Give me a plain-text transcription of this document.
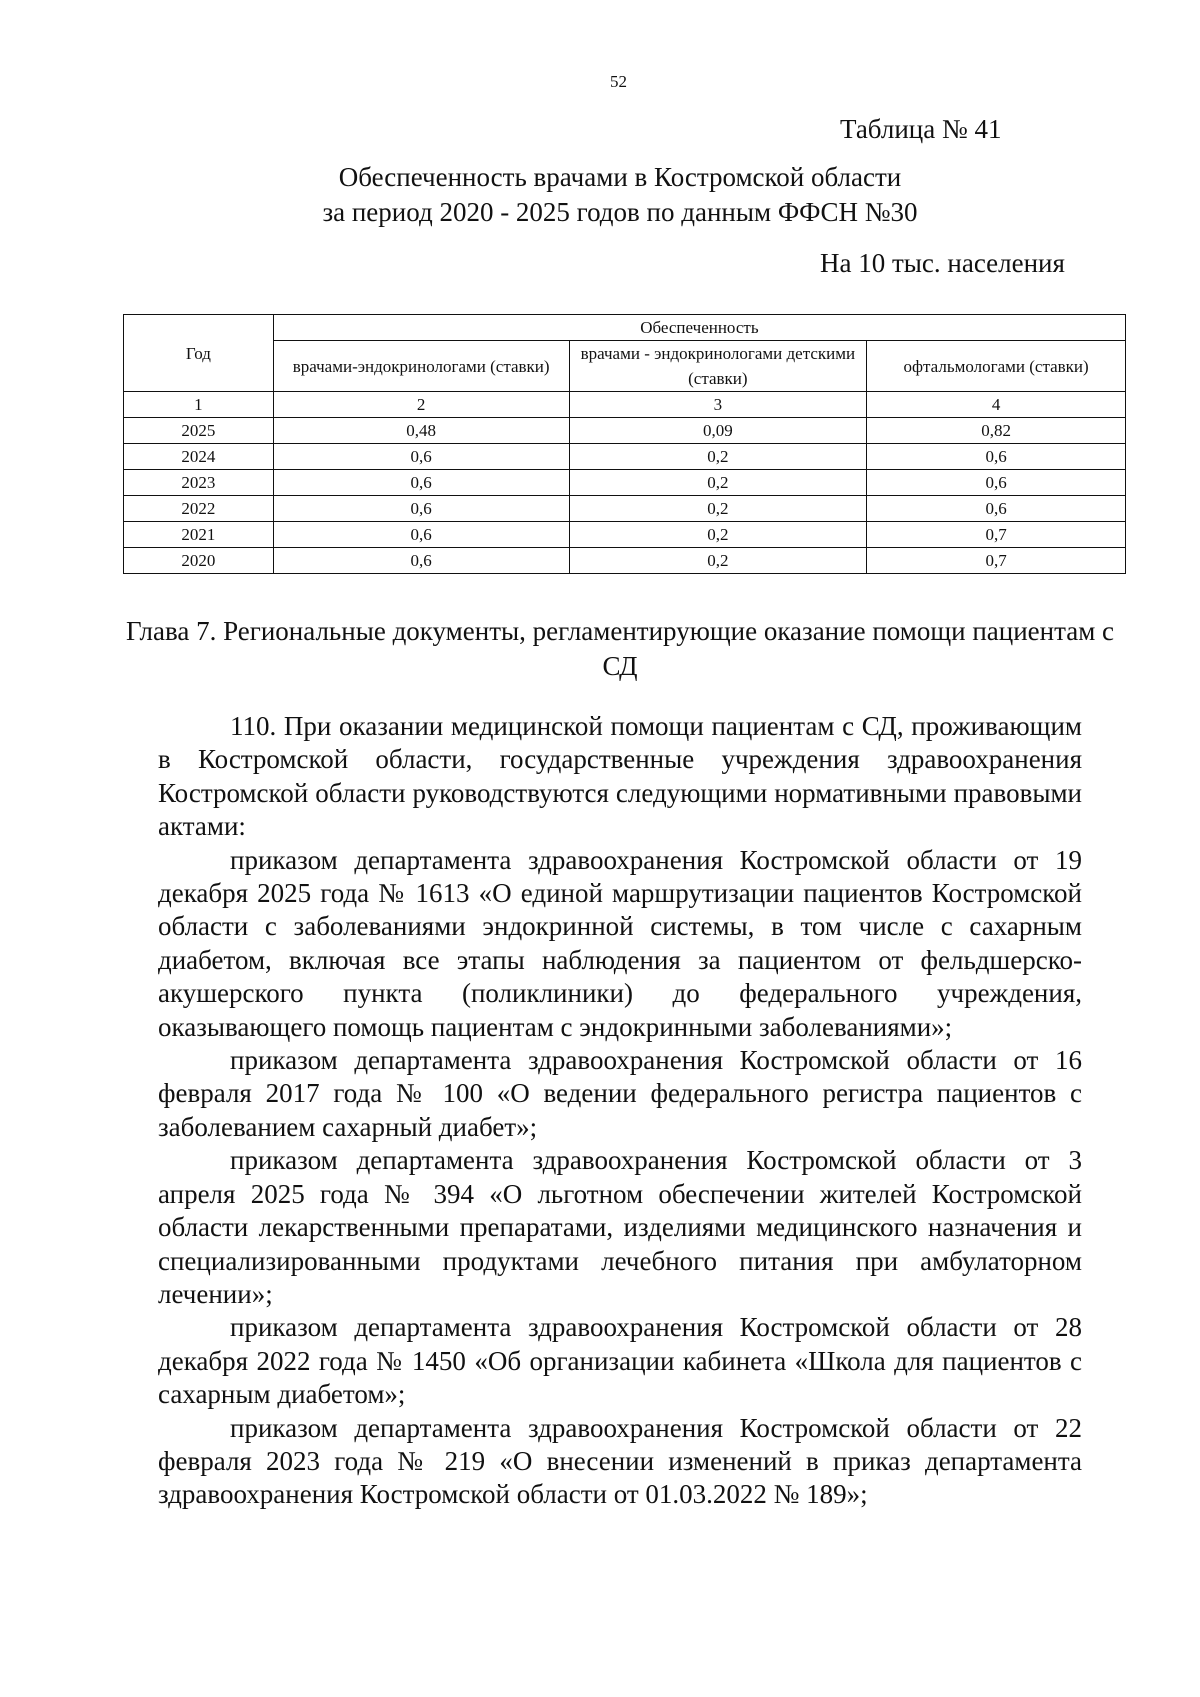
52
Таблица № 41
Обеспеченность врачами в Костромской области
за период 2020 - 2025 годов по данным ФФСН №30
На 10 тыс. населения
Год	Обеспеченность		
	врачами-эндокринологами (ставки)	врачами - эндокринологами детскими (ставки)	офтальмологами (ставки)
1	2	3	4
2025	0,48	0,09	0,82
2024	0,6	0,2	0,6
2023	0,6	0,2	0,6
2022	0,6	0,2	0,6
2021	0,6	0,2	0,7
2020	0,6	0,2	0,7
Глава 7. Региональные документы, регламентирующие оказание помощи пациентам с СД

110. При оказании медицинской помощи пациентам с СД, проживающим в Костромской области, государственные учреждения здравоохранения Костромской области руководствуются следующими нормативными правовыми актами:

приказом департамента здравоохранения Костромской области от 19 декабря 2025 года № 1613 «О единой маршрутизации пациентов Костромской области с заболеваниями эндокринной системы, в том числе с сахарным диабетом, включая все этапы наблюдения за пациентом от фельдшерско-акушерского пункта (поликлиники) до федерального учреждения, оказывающего помощь пациентам с эндокринными заболеваниями»;

приказом департамента здравоохранения Костромской области от 16 февраля 2017 года № 100 «О ведении федерального регистра пациентов с заболеванием сахарный диабет»;

приказом департамента здравоохранения Костромской области от 3 апреля 2025 года № 394 «О льготном обеспечении жителей Костромской области лекарственными препаратами, изделиями медицинского назначения и специализированными продуктами лечебного питания при амбулаторном лечении»;

приказом департамента здравоохранения Костромской области от 28 декабря 2022 года № 1450 «Об организации кабинета «Школа для пациентов с сахарным диабетом»;

приказом департамента здравоохранения Костромской области от 22 февраля 2023 года № 219 «О внесении изменений в приказ департамента здравоохранения Костромской области от 01.03.2022 № 189»;
